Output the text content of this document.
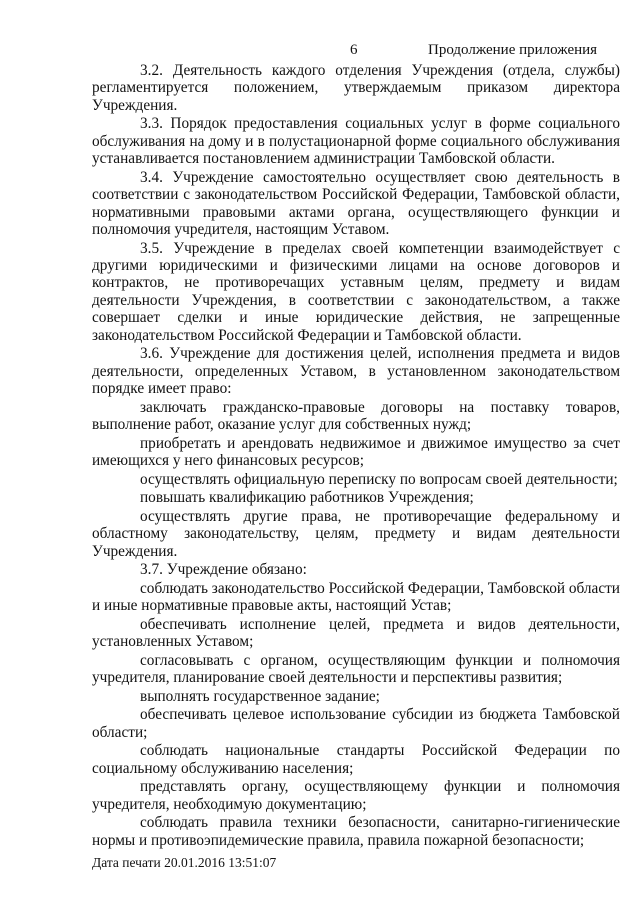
6	Продолжение приложения

3.2. Деятельность каждого отделения Учреждения (отдела, службы) регламентируется положением, утверждаемым приказом директора Учреждения.

3.3. Порядок предоставления социальных услуг в форме социального обслуживания на дому и в полустационарной форме социального обслуживания устанавливается постановлением администрации Тамбовской области.

3.4. Учреждение самостоятельно осуществляет свою деятельность в соответствии с законодательством Российской Федерации, Тамбовской области, нормативными правовыми актами органа, осуществляющего функции и полномочия учредителя, настоящим Уставом.

3.5. Учреждение в пределах своей компетенции взаимодействует с другими юридическими и физическими лицами на основе договоров и контрактов, не противоречащих уставным целям, предмету и видам деятельности Учреждения, в соответствии с законодательством, а также совершает сделки и иные юридические действия, не запрещенные законодательством Российской Федерации и Тамбовской области.

3.6. Учреждение для достижения целей, исполнения предмета и видов деятельности, определенных Уставом, в установленном законодательством порядке имеет право:

заключать гражданско-правовые договоры на поставку товаров, выполнение работ, оказание услуг для собственных нужд;

приобретать и арендовать недвижимое и движимое имущество за счет имеющихся у него финансовых ресурсов;

осуществлять официальную переписку по вопросам своей деятельности;

повышать квалификацию работников Учреждения;

осуществлять другие права, не противоречащие федеральному и областному законодательству, целям, предмету и видам деятельности Учреждения.

3.7. Учреждение обязано:

соблюдать законодательство Российской Федерации, Тамбовской области и иные нормативные правовые акты, настоящий Устав;

обеспечивать исполнение целей, предмета и видов деятельности, установленных Уставом;

согласовывать с органом, осуществляющим функции и полномочия учредителя, планирование своей деятельности и перспективы развития;

выполнять государственное задание;

обеспечивать целевое использование субсидии из бюджета Тамбовской области;

соблюдать национальные стандарты Российской Федерации по социальному обслуживанию населения;

представлять органу, осуществляющему функции и полномочия учредителя, необходимую документацию;

соблюдать правила техники безопасности, санитарно-гигиенические нормы и противоэпидемические правила, правила пожарной безопасности;

Дата печати 20.01.2016 13:51:07
